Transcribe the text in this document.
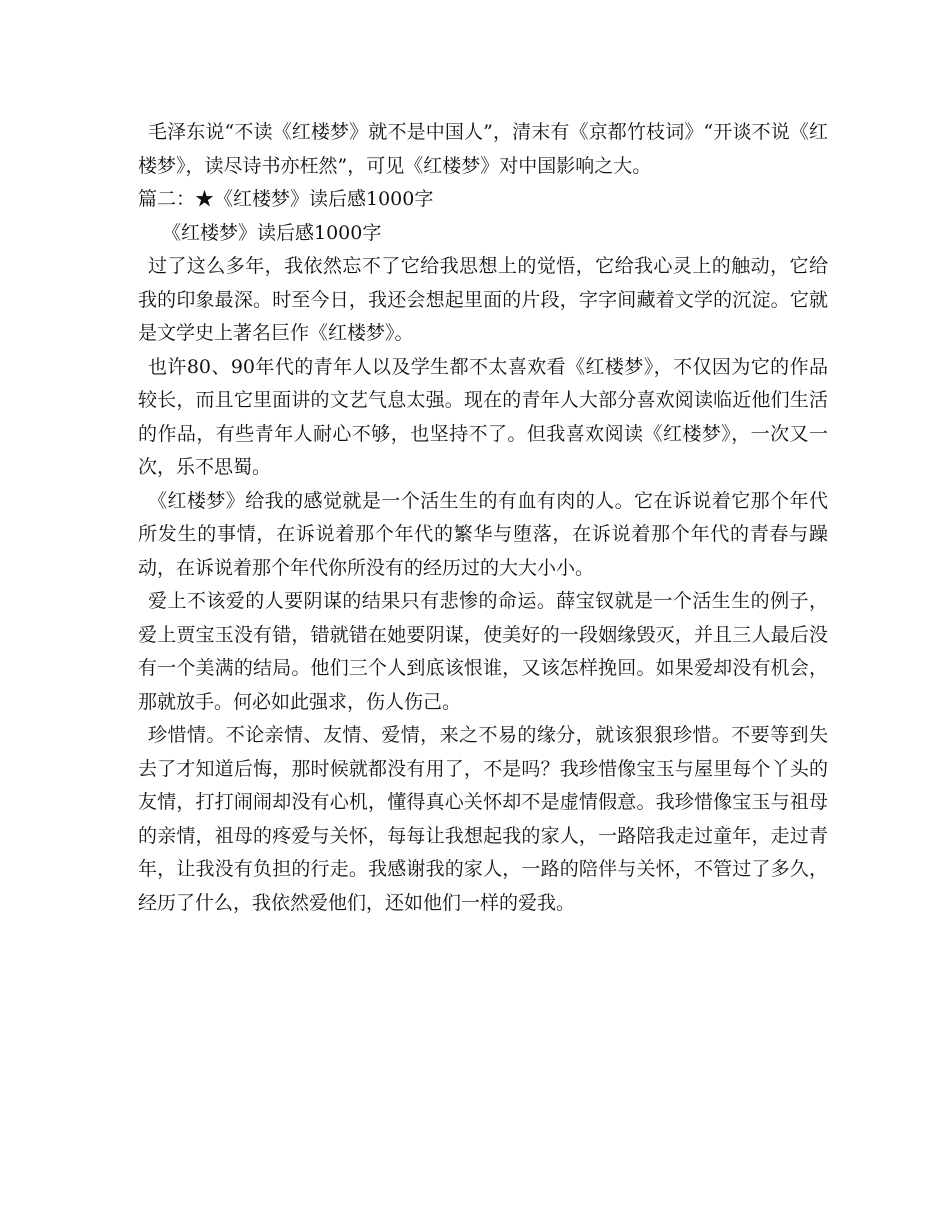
毛泽东说“不读《红楼梦》就不是中国人”，清末有《京都竹枝词》“开谈不说《红楼梦》，读尽诗书亦枉然”，可见《红楼梦》对中国影响之大。

篇二：★《红楼梦》读后感1000字

《红楼梦》读后感1000字

过了这么多年，我依然忘不了它给我思想上的觉悟，它给我心灵上的触动，它给我的印象最深。时至今日，我还会想起里面的片段，字字间藏着文学的沉淀。它就是文学史上著名巨作《红楼梦》。

也许80、90年代的青年人以及学生都不太喜欢看《红楼梦》，不仅因为它的作品较长，而且它里面讲的文艺气息太强。现在的青年人大部分喜欢阅读临近他们生活的作品，有些青年人耐心不够，也坚持不了。但我喜欢阅读《红楼梦》，一次又一次，乐不思蜀。

《红楼梦》给我的感觉就是一个活生生的有血有肉的人。它在诉说着它那个年代所发生的事情，在诉说着那个年代的繁华与堕落，在诉说着那个年代的青春与躁动，在诉说着那个年代你所没有的经历过的大大小小。

爱上不该爱的人要阴谋的结果只有悲惨的命运。薛宝钗就是一个活生生的例子，爱上贾宝玉没有错，错就错在她要阴谋，使美好的一段姻缘毁灭，并且三人最后没有一个美满的结局。他们三个人到底该恨谁，又该怎样挽回。如果爱却没有机会，那就放手。何必如此强求，伤人伤己。

珍惜情。不论亲情、友情、爱情，来之不易的缘分，就该狠狠珍惜。不要等到失去了才知道后悔，那时候就都没有用了，不是吗？我珍惜像宝玉与屋里每个丫头的友情，打打闹闹却没有心机，懂得真心关怀却不是虚情假意。我珍惜像宝玉与祖母的亲情，祖母的疼爱与关怀，每每让我想起我的家人，一路陪我走过童年，走过青年，让我没有负担的行走。我感谢我的家人，一路的陪伴与关怀，不管过了多久，经历了什么，我依然爱他们，还如他们一样的爱我。
